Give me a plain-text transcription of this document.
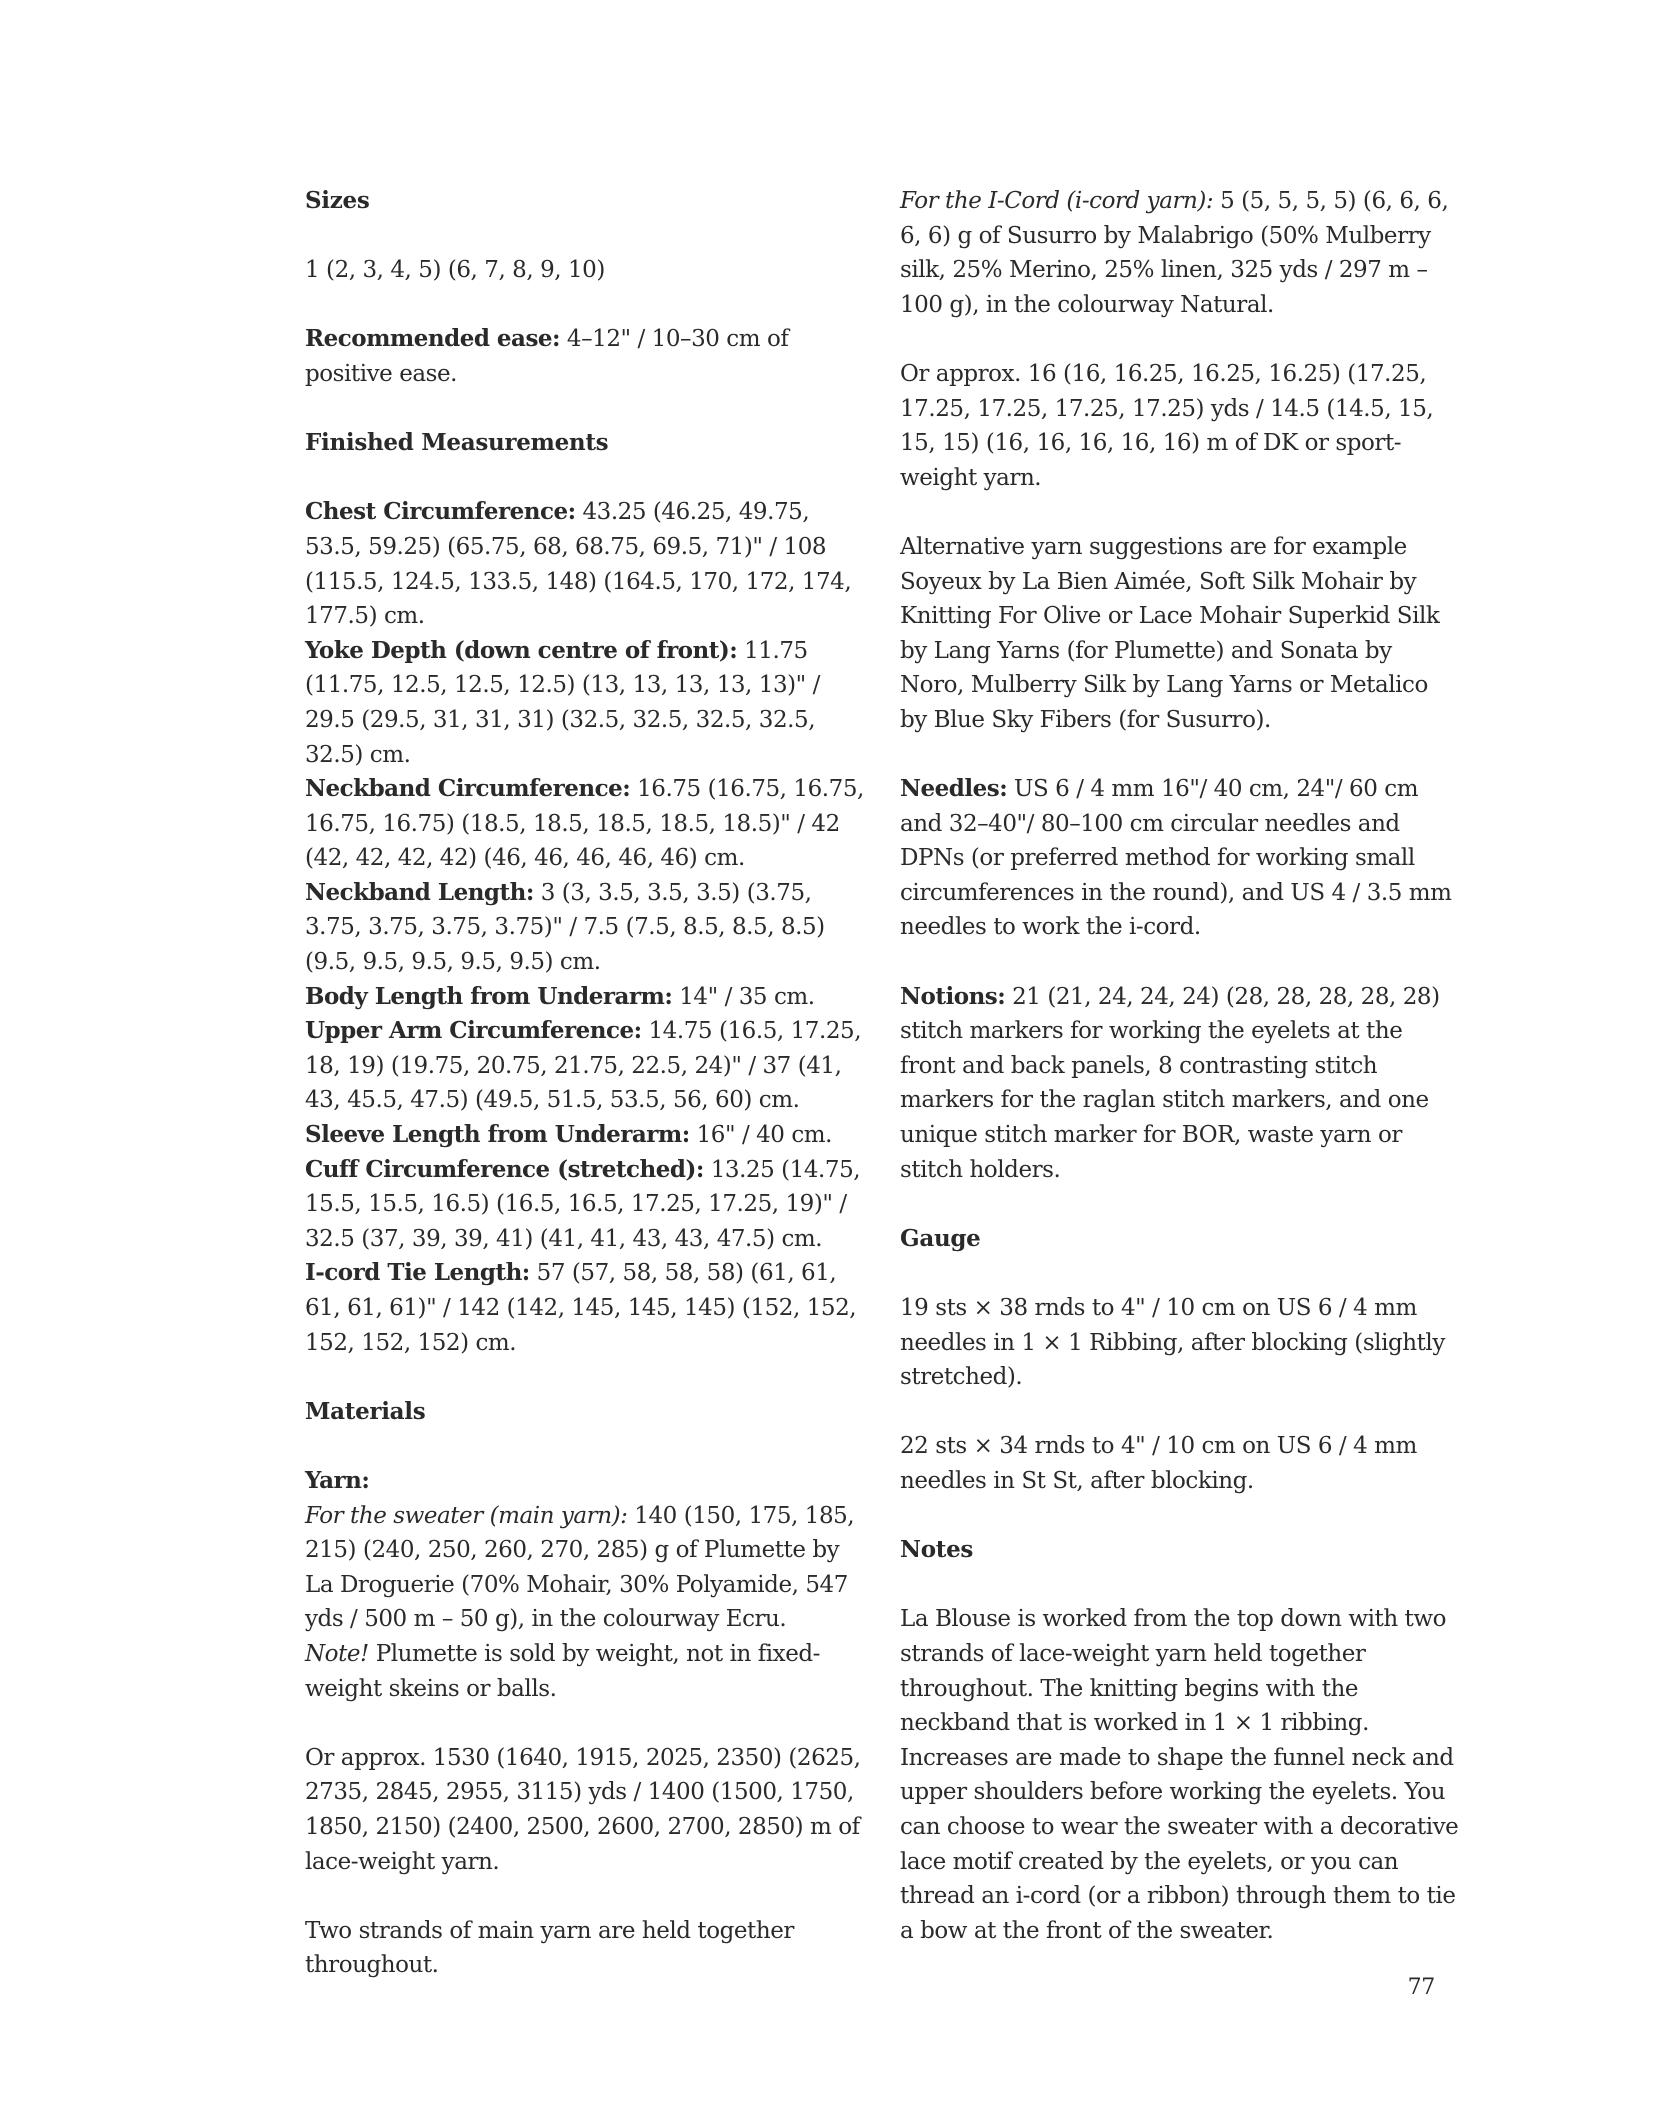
Sizes

1 (2, 3, 4, 5) (6, 7, 8, 9, 10)

Recommended ease: 4–12" / 10–30 cm of positive ease.

Finished Measurements

Chest Circumference: 43.25 (46.25, 49.75, 53.5, 59.25) (65.75, 68, 68.75, 69.5, 71)" / 108 (115.5, 124.5, 133.5, 148) (164.5, 170, 172, 174, 177.5) cm.

Yoke Depth (down centre of front): 11.75 (11.75, 12.5, 12.5, 12.5) (13, 13, 13, 13, 13)" / 29.5 (29.5, 31, 31, 31) (32.5, 32.5, 32.5, 32.5, 32.5) cm.

Neckband Circumference: 16.75 (16.75, 16.75, 16.75, 16.75) (18.5, 18.5, 18.5, 18.5, 18.5)" / 42 (42, 42, 42, 42) (46, 46, 46, 46, 46) cm.

Neckband Length: 3 (3, 3.5, 3.5, 3.5) (3.75, 3.75, 3.75, 3.75, 3.75)" / 7.5 (7.5, 8.5, 8.5, 8.5) (9.5, 9.5, 9.5, 9.5, 9.5) cm.

Body Length from Underarm: 14" / 35 cm.

Upper Arm Circumference: 14.75 (16.5, 17.25, 18, 19) (19.75, 20.75, 21.75, 22.5, 24)" / 37 (41, 43, 45.5, 47.5) (49.5, 51.5, 53.5, 56, 60) cm.

Sleeve Length from Underarm: 16" / 40 cm.

Cuff Circumference (stretched): 13.25 (14.75, 15.5, 15.5, 16.5) (16.5, 16.5, 17.25, 17.25, 19)" / 32.5 (37, 39, 39, 41) (41, 41, 43, 43, 47.5) cm.

I-cord Tie Length: 57 (57, 58, 58, 58) (61, 61, 61, 61, 61)" / 142 (142, 145, 145, 145) (152, 152, 152, 152, 152) cm.

Materials

Yarn:

For the sweater (main yarn): 140 (150, 175, 185, 215) (240, 250, 260, 270, 285) g of Plumette by La Droguerie (70% Mohair, 30% Polyamide, 547 yds / 500 m – 50 g), in the colourway Ecru.

Note! Plumette is sold by weight, not in fixed-weight skeins or balls.

Or approx. 1530 (1640, 1915, 2025, 2350) (2625, 2735, 2845, 2955, 3115) yds / 1400 (1500, 1750, 1850, 2150) (2400, 2500, 2600, 2700, 2850) m of lace-weight yarn.

Two strands of main yarn are held together throughout.

For the I-Cord (i-cord yarn): 5 (5, 5, 5, 5) (6, 6, 6, 6, 6) g of Susurro by Malabrigo (50% Mulberry silk, 25% Merino, 25% linen, 325 yds / 297 m – 100 g), in the colourway Natural.

Or approx. 16 (16, 16.25, 16.25, 16.25) (17.25, 17.25, 17.25, 17.25, 17.25) yds / 14.5 (14.5, 15, 15, 15) (16, 16, 16, 16, 16) m of DK or sport-weight yarn.

Alternative yarn suggestions are for example Soyeux by La Bien Aimée, Soft Silk Mohair by Knitting For Olive or Lace Mohair Superkid Silk by Lang Yarns (for Plumette) and Sonata by Noro, Mulberry Silk by Lang Yarns or Metalico by Blue Sky Fibers (for Susurro).

Needles: US 6 / 4 mm 16"/ 40 cm, 24"/ 60 cm and 32–40"/ 80–100 cm circular needles and DPNs (or preferred method for working small circumferences in the round), and US 4 / 3.5 mm needles to work the i-cord.

Notions: 21 (21, 24, 24, 24) (28, 28, 28, 28, 28) stitch markers for working the eyelets at the front and back panels, 8 contrasting stitch markers for the raglan stitch markers, and one unique stitch marker for BOR, waste yarn or stitch holders.

Gauge

19 sts × 38 rnds to 4" / 10 cm on US 6 / 4 mm needles in 1 × 1 Ribbing, after blocking (slightly stretched).

22 sts × 34 rnds to 4" / 10 cm on US 6 / 4 mm needles in St St, after blocking.

Notes

La Blouse is worked from the top down with two strands of lace-weight yarn held together throughout. The knitting begins with the neckband that is worked in 1 × 1 ribbing. Increases are made to shape the funnel neck and upper shoulders before working the eyelets. You can choose to wear the sweater with a decorative lace motif created by the eyelets, or you can thread an i-cord (or a ribbon) through them to tie a bow at the front of the sweater.

77
